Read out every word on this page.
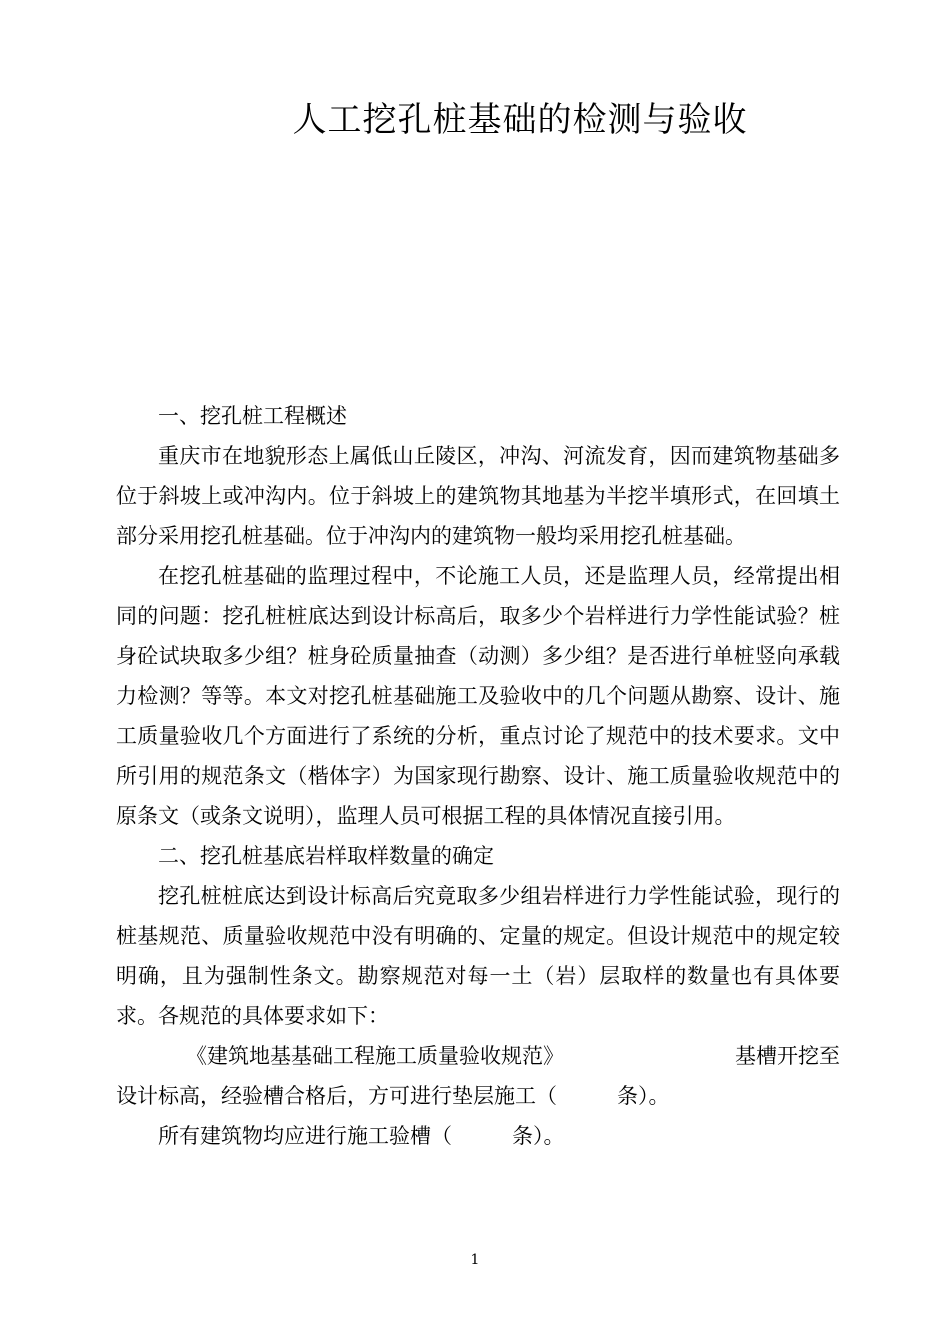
人工挖孔桩基础的检测与验收

一、挖孔桩工程概述

重庆市在地貌形态上属低山丘陵区，冲沟、河流发育，因而建筑物基础多位于斜坡上或冲沟内。位于斜坡上的建筑物其地基为半挖半填形式，在回填土部分采用挖孔桩基础。位于冲沟内的建筑物一般均采用挖孔桩基础。

在挖孔桩基础的监理过程中，不论施工人员，还是监理人员，经常提出相同的问题：挖孔桩桩底达到设计标高后，取多少个岩样进行力学性能试验？桩身砼试块取多少组？桩身砼质量抽查（动测）多少组？是否进行单桩竖向承载力检测？等等。本文对挖孔桩基础施工及验收中的几个问题从勘察、设计、施工质量验收几个方面进行了系统的分析，重点讨论了规范中的技术要求。文中所引用的规范条文（楷体字）为国家现行勘察、设计、施工质量验收规范中的原条文（或条文说明），监理人员可根据工程的具体情况直接引用。

二、挖孔桩基底岩样取样数量的确定

挖孔桩桩底达到设计标高后究竟取多少组岩样进行力学性能试验，现行的桩基规范、质量验收规范中没有明确的、定量的规定。但设计规范中的规定较明确，且为强制性条文。勘察规范对每一土（岩）层取样的数量也有具体要求。各规范的具体要求如下：

《建筑地基基础工程施工质量验收规范》	基槽开挖至
设计标高，经验槽合格后，方可进行垫层施工（	条）。
所有建筑物均应进行施工验槽（	条）。
1
